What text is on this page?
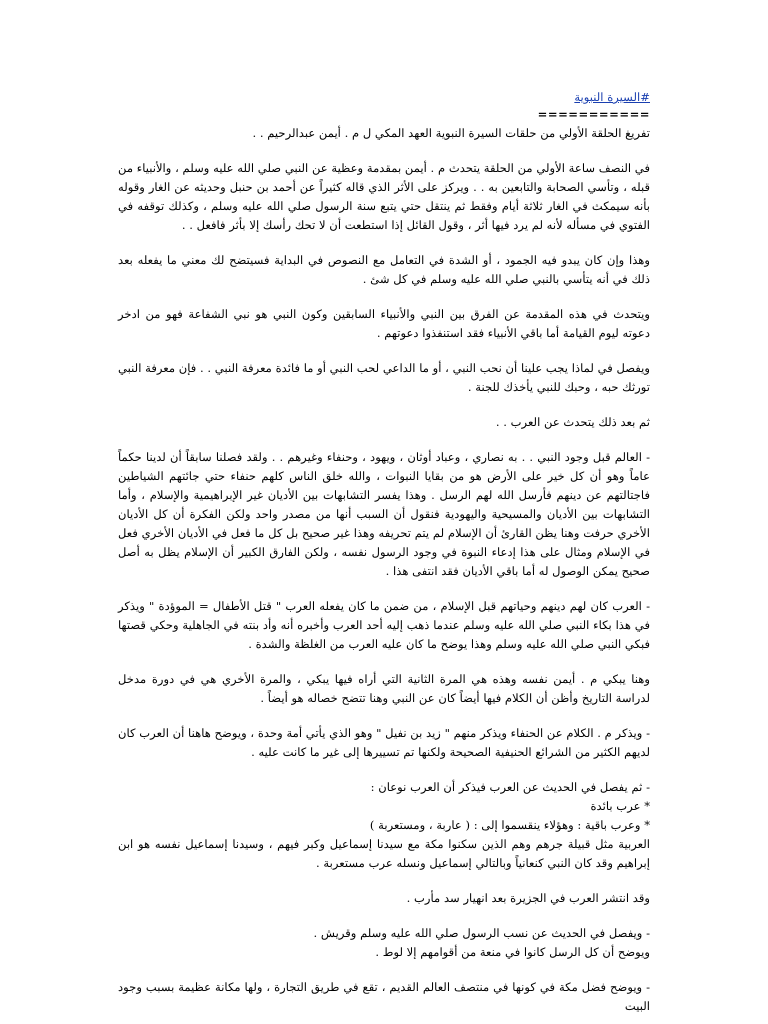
#السيرة النبوية
===========

تفريغ الحلقة الأولي من حلقات السيرة النبوية العهد المكي ل م . أيمن عبدالرحيم . .

في النصف ساعة الأولي من الحلقة يتحدث م . أيمن بمقدمة وعظية عن النبي صلي الله عليه وسلم ، والأنبياء من قبله ، وتأسي الصحابة والتابعين به . . ويركز على الأثر الذي قاله كثيراً عن أحمد بن حنبل وحديثه عن الغار وقوله بأنه سيمكث في الغار ثلاثة أيام وفقط ثم ينتقل حتي يتبع سنة الرسول صلي الله عليه وسلم ، وكذلك توقفه في الفتوي في مسأله لأنه لم يرد فيها أثر ، وقول القائل إذا استطعت أن لا تحك رأسك إلا بأثر فافعل . .

وهذا وإن كان يبدو فيه الجمود ، أو الشدة في التعامل مع النصوص في البداية فسيتضح لك معني ما يفعله بعد ذلك في أنه يتأسي بالنبي صلي الله عليه وسلم في كل شئ .

ويتحدث في هذه المقدمة عن الفرق بين النبي والأنبياء السابقين وكون النبي هو نبي الشفاعة فهو من ادخر دعوته ليوم القيامة أما باقي الأنبياء فقد استنفذوا دعوتهم .

ويفصل في لماذا يجب علينا أن نحب النبي ، أو ما الداعي لحب النبي أو ما فائدة معرفة النبي . . فإن معرفة النبي تورثك حبه ، وحبك للنبي يأخذك للجنة .

ثم بعد ذلك يتحدث عن العرب . .

- العالم قبل وجود النبي . . به نصاري ، وعباد أوثان ، ويهود ، وحنفاء وغيرهم . . ولقد فصلنا سابقاً أن لدينا حكماً عاماً وهو أن كل خير على الأرض هو من بقايا النبوات ، والله خلق الناس كلهم حنفاء حتي جائتهم الشياطين فاجتالتهم عن دينهم فأرسل الله لهم الرسل . وهذا يفسر التشابهات بين الأديان غير الإبراهيمية والإسلام ، وأما التشابهات بين الأديان والمسيحية واليهودية فنقول أن السبب أنها من مصدر واحد ولكن الفكرة أن كل الأديان الأخري حرفت وهنا يظن القارئ أن الإسلام لم يتم تحريفه وهذا غير صحيح بل كل ما فعل في الأديان الأخري فعل في الإسلام ومثال على هذا إدعاء النبوة في وجود الرسول نفسه ، ولكن الفارق الكبير أن الإسلام يظل به أصل صحيح يمكن الوصول له أما باقي الأديان فقد انتفى هذا .

- العرب كان لهم دينهم وحياتهم قبل الإسلام ، من ضمن ما كان يفعله العرب " قتل الأطفال = الموؤدة " ويذكر في هذا بكاء النبي صلي الله عليه وسلم عندما ذهب إليه أحد العرب وأخبره أنه وأد بنته في الجاهلية وحكي قصتها فبكي النبي صلي الله عليه وسلم وهذا يوضح ما كان عليه العرب من الغلظة والشدة .

وهنا يبكي م . أيمن نفسه وهذه هي المرة الثانية التي أراه فيها يبكي ، والمرة الأخري هي في دورة مدخل لدراسة التاريخ وأظن أن الكلام فيها أيضاً كان عن النبي وهنا تتضح خصاله هو أيضاً .

- ويذكر م . الكلام عن الحنفاء ويذكر منهم " زيد بن نفيل " وهو الذي يأتي أمة وحدة ، ويوضح هاهنا أن العرب كان لديهم الكثير من الشرائع الحنيفية الصحيحة ولكنها تم تسييرها إلى غير ما كانت عليه .

- ثم يفصل في الحديث عن العرب فيذكر أن العرب نوعان :

* عرب بائدة
* وعرب باقية : وهؤلاء ينقسموا إلى : ( عاربة ، ومستعربة )

العربية مثل قبيلة جرهم وهم الذين سكنوا مكة مع سيدنا إسماعيل وكبر فيهم ، وسيدنا إسماعيل نفسه هو ابن إبراهيم وقد كان النبي كنعانياً وبالتالي إسماعيل ونسله عرب مستعربة .

وقد انتشر العرب في الجزيرة بعد انهيار سد مأرب .

- ويفصل في الحديث عن نسب الرسول صلي الله عليه وسلم وقريش .

ويوضح أن كل الرسل كانوا في منعة من أقوامهم إلا لوط .

- ويوضح فضل مكة في كونها في منتصف العالم القديم ، تقع في طريق التجارة ، ولها مكانة عظيمة بسبب وجود البيت
